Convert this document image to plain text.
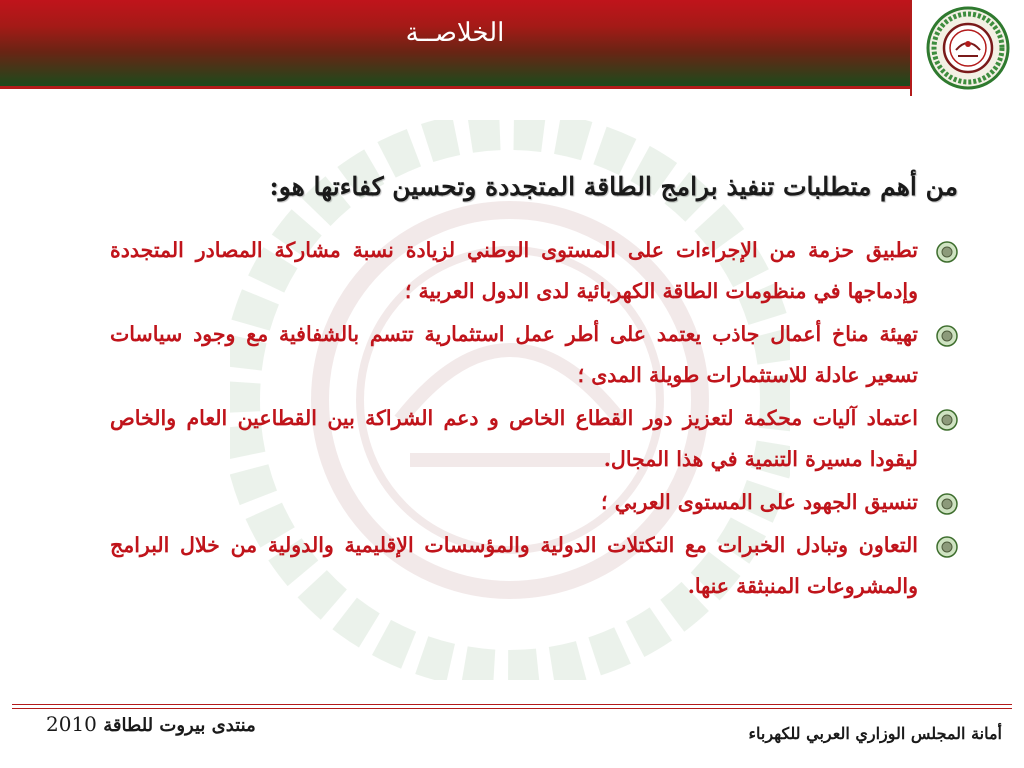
الخلاصــة
من أهم متطلبات تنفيذ برامج الطاقة المتجددة وتحسين كفاءتها هو:
تطبيق حزمة من الإجراءات على المستوى الوطني لزيادة نسبة مشاركة المصادر المتجددة وإدماجها في منظومات الطاقة الكهربائية لدى الدول العربية ؛
تهيئة مناخ أعمال جاذب يعتمد على أطر عمل استثمارية تتسم بالشفافية مع وجود سياسات تسعير عادلة للاستثمارات طويلة المدى ؛
اعتماد آليات محكمة لتعزيز دور القطاع الخاص و دعم الشراكة بين القطاعين العام والخاص ليقودا مسيرة التنمية في هذا المجال.
تنسيق الجهود على المستوى العربي ؛
التعاون وتبادل الخبرات مع التكتلات الدولية والمؤسسات الإقليمية والدولية من خلال البرامج والمشروعات المنبثقة عنها.
منتدى بيروت للطاقة 2010	أمانة المجلس الوزاري العربي للكهرباء
